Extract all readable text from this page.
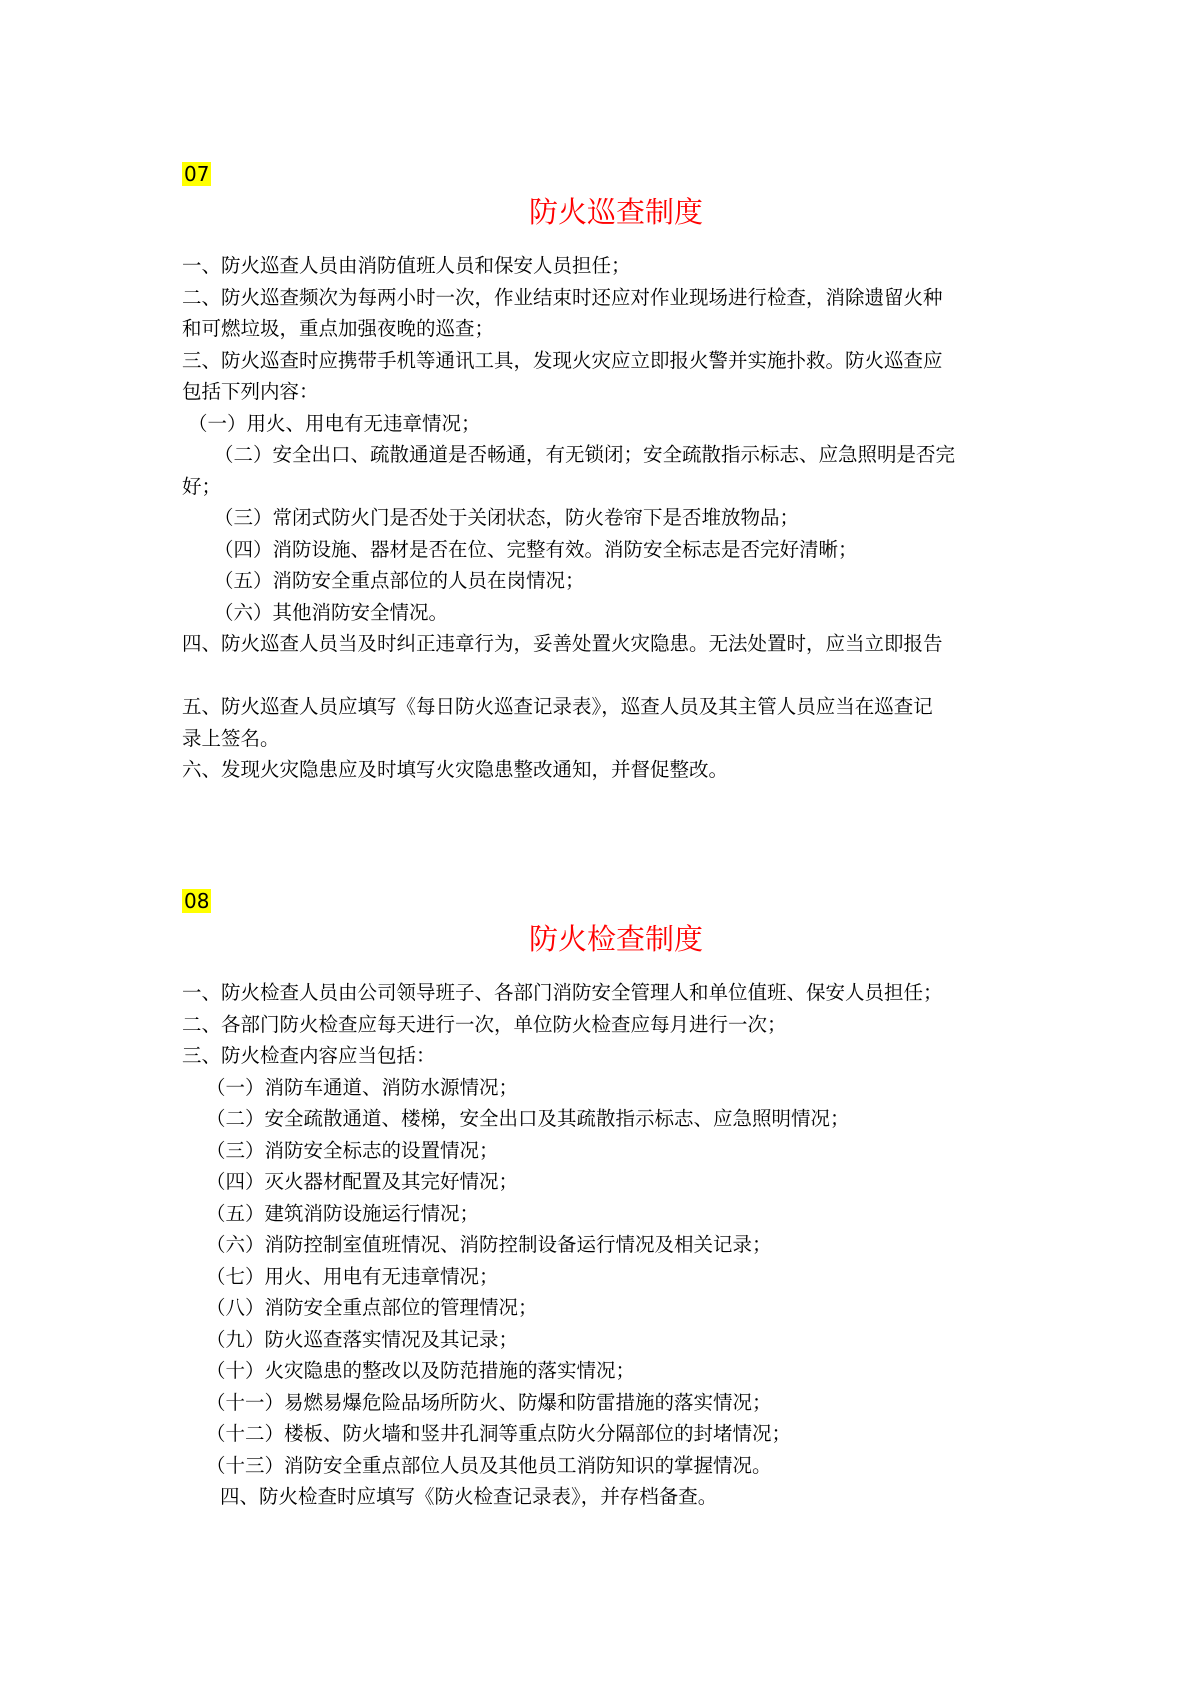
07
防火巡查制度
一、防火巡查人员由消防值班人员和保安人员担任；
二、防火巡查频次为每两小时一次，作业结束时还应对作业现场进行检查，消除遗留火种
和可燃垃圾，重点加强夜晚的巡查；
三、防火巡查时应携带手机等通讯工具，发现火灾应立即报火警并实施扑救。防火巡查应
包括下列内容：
（一）用火、用电有无违章情况；
（二）安全出口、疏散通道是否畅通，有无锁闭；安全疏散指示标志、应急照明是否完
好；
（三）常闭式防火门是否处于关闭状态，防火卷帘下是否堆放物品；
（四）消防设施、器材是否在位、完整有效。消防安全标志是否完好清晰；
（五）消防安全重点部位的人员在岗情况；
（六）其他消防安全情况。
四、防火巡查人员当及时纠正违章行为，妥善处置火灾隐患。无法处置时，应当立即报告
五、防火巡查人员应填写《每日防火巡查记录表》，巡查人员及其主管人员应当在巡查记
录上签名。
六、发现火灾隐患应及时填写火灾隐患整改通知，并督促整改。
08
防火检查制度
一、防火检查人员由公司领导班子、各部门消防安全管理人和单位值班、保安人员担任；
二、各部门防火检查应每天进行一次，单位防火检查应每月进行一次；
三、防火检查内容应当包括：
（一）消防车通道、消防水源情况；
（二）安全疏散通道、楼梯，安全出口及其疏散指示标志、应急照明情况；
（三）消防安全标志的设置情况；
（四）灭火器材配置及其完好情况；
（五）建筑消防设施运行情况；
（六）消防控制室值班情况、消防控制设备运行情况及相关记录；
（七）用火、用电有无违章情况；
（八）消防安全重点部位的管理情况；
（九）防火巡查落实情况及其记录；
（十）火灾隐患的整改以及防范措施的落实情况；
（十一）易燃易爆危险品场所防火、防爆和防雷措施的落实情况；
（十二）楼板、防火墙和竖井孔洞等重点防火分隔部位的封堵情况；
（十三）消防安全重点部位人员及其他员工消防知识的掌握情况。
四、防火检查时应填写《防火检查记录表》，并存档备查。
